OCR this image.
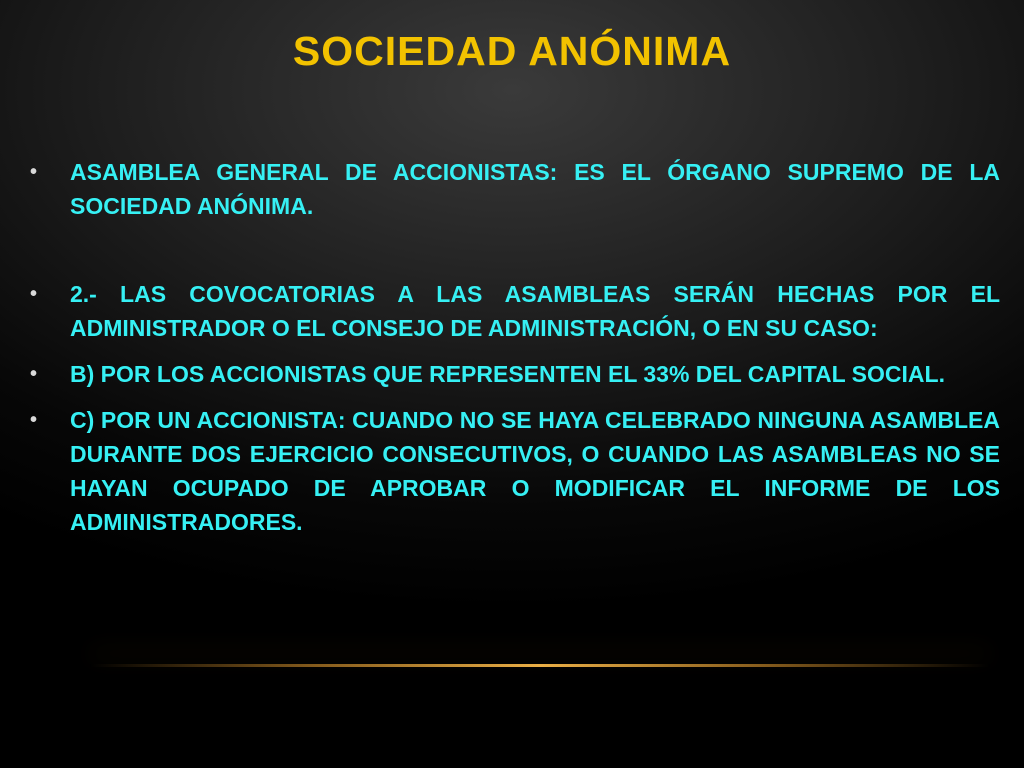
SOCIEDAD ANÓNIMA
•	ASAMBLEA GENERAL DE ACCIONISTAS: ES EL ÓRGANO SUPREMO DE LA SOCIEDAD ANÓNIMA.
•	2.- LAS COVOCATORIAS A LAS ASAMBLEAS SERÁN HECHAS POR EL ADMINISTRADOR O EL CONSEJO DE ADMINISTRACIÓN, O EN SU CASO:
•	B) POR LOS ACCIONISTAS QUE REPRESENTEN EL 33% DEL CAPITAL SOCIAL.
•	C) POR UN ACCIONISTA: CUANDO NO SE HAYA CELEBRADO NINGUNA ASAMBLEA DURANTE DOS EJERCICIO CONSECUTIVOS, O CUANDO LAS ASAMBLEAS NO SE HAYAN OCUPADO DE APROBAR O MODIFICAR EL INFORME DE LOS ADMINISTRADORES.
